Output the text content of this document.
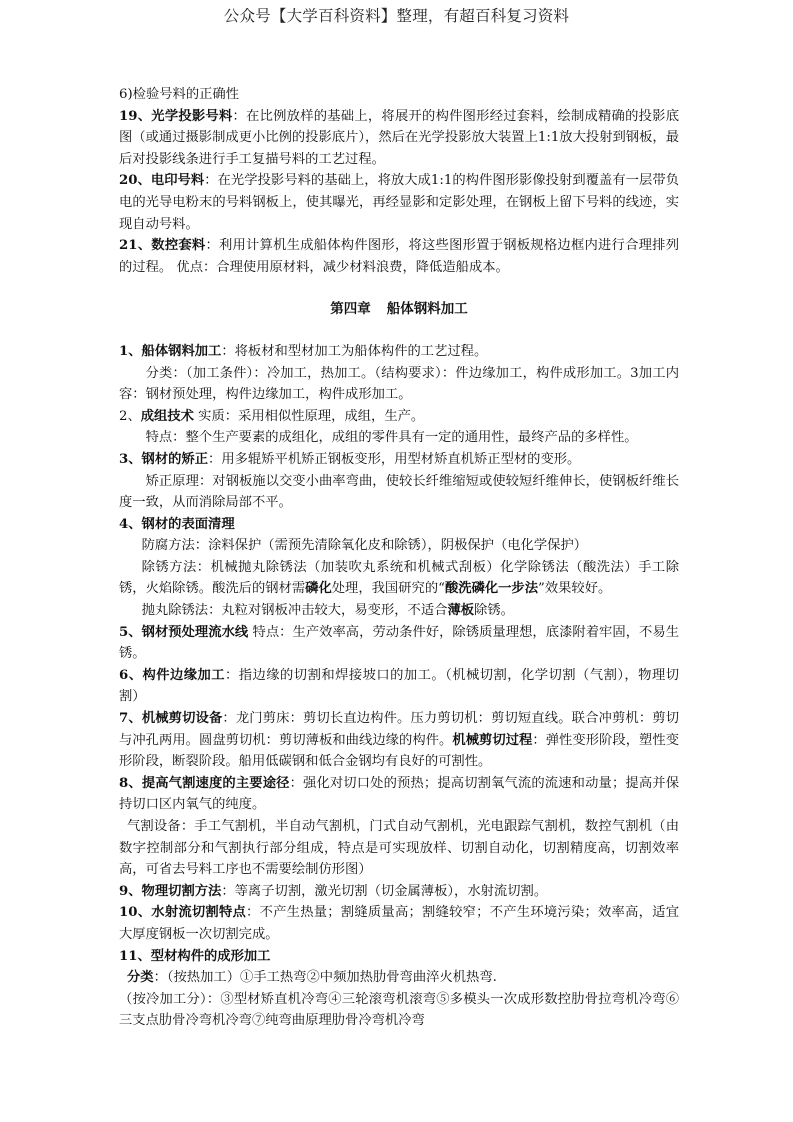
公众号【大学百科资料】整理，有超百科复习资料

6)检验号料的正确性

19、光学投影号料：在比例放样的基础上，将展开的构件图形经过套料，绘制成精确的投影底图（或通过摄影制成更小比例的投影底片），然后在光学投影放大装置上1:1放大投射到钢板，最后对投影线条进行手工复描号料的工艺过程。

20、电印号料：在光学投影号料的基础上，将放大成1:1的构件图形影像投射到覆盖有一层带负电的光导电粉末的号料钢板上，使其曝光，再经显影和定影处理，在钢板上留下号料的线迹，实现自动号料。

21、数控套料：利用计算机生成船体构件图形，将这些图形置于钢板规格边框内进行合理排列的过程。 优点：合理使用原材料，减少材料浪费，降低造船成本。

第四章 船体钢料加工

1、船体钢料加工：将板材和型材加工为船体构件的工艺过程。

分类：（加工条件）：冷加工，热加工。（结构要求）：件边缘加工，构件成形加工。3加工内容：钢材预处理，构件边缘加工，构件成形加工。

2、成组技术 实质：采用相似性原理，成组，生产。

特点：整个生产要素的成组化，成组的零件具有一定的通用性，最终产品的多样性。

3、钢材的矫正：用多辊矫平机矫正钢板变形，用型材矫直机矫正型材的变形。

矫正原理：对钢板施以交变小曲率弯曲，使较长纤维缩短或使较短纤维伸长，使钢板纤维长度一致，从而消除局部不平。

4、钢材的表面清理

防腐方法：涂料保护（需预先清除氧化皮和除锈），阴极保护（电化学保护）

除锈方法：机械抛丸除锈法（加装吹丸系统和机械式刮板）化学除锈法（酸洗法）手工除锈，火焰除锈。酸洗后的钢材需磷化处理，我国研究的“酸洗磷化一步法”效果较好。

抛丸除锈法：丸粒对钢板冲击较大，易变形，不适合薄板除锈。

5、钢材预处理流水线 特点：生产效率高，劳动条件好，除锈质量理想，底漆附着牢固，不易生锈。

6、构件边缘加工：指边缘的切割和焊接坡口的加工。（机械切割，化学切割（气割），物理切割）

7、机械剪切设备：龙门剪床：剪切长直边构件。压力剪切机：剪切短直线。联合冲剪机：剪切与冲孔两用。圆盘剪切机：剪切薄板和曲线边缘的构件。机械剪切过程：弹性变形阶段，塑性变形阶段，断裂阶段。船用低碳钢和低合金钢均有良好的可割性。

8、提高气割速度的主要途径：强化对切口处的预热；提高切割氧气流的流速和动量；提高并保持切口区内氧气的纯度。

气割设备：手工气割机，半自动气割机，门式自动气割机，光电跟踪气割机，数控气割机（由数字控制部分和气割执行部分组成，特点是可实现放样、切割自动化，切割精度高，切割效率高，可省去号料工序也不需要绘制仿形图）

9、物理切割方法：等离子切割，激光切割（切金属薄板），水射流切割。

10、水射流切割特点：不产生热量；割缝质量高；割缝较窄；不产生环境污染；效率高，适宜大厚度钢板一次切割完成。

11、型材构件的成形加工

分类：（按热加工）①手工热弯②中频加热肋骨弯曲淬火机热弯.

（按冷加工分）：③型材矫直机冷弯④三轮滚弯机滚弯⑤多模头一次成形数控肋骨拉弯机冷弯⑥三支点肋骨冷弯机冷弯⑦纯弯曲原理肋骨冷弯机冷弯
